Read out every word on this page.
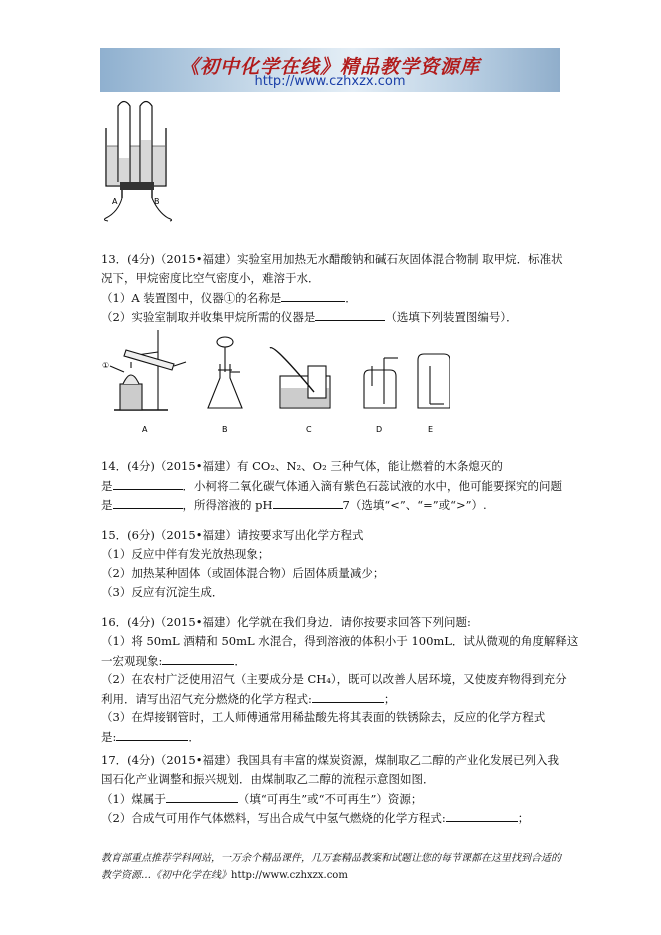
《初中化学在线》精品教学资源库
http://www.czhxzx.com
A	B
13．(4分)（2015•福建）实验室用加热无水醋酸钠和碱石灰固体混合物制 取甲烷．标准状
况下，甲烷密度比空气密度小，难溶于水．
（1）A 装置图中，仪器①的名称是	．
（2）实验室制取并收集甲烷所需的仪器是	（选填下列装置图编号）．
①
A	B	C	D	E
14．(4分)（2015•福建）有 CO₂、N₂、O₂ 三种气体，能让燃着的木条熄灭的
是	．小柯将二氧化碳气体通入滴有紫色石蕊试液的水中，他可能要探究的问题
是	，所得溶液的 pH	7（选填“<”、“=”或“>”）.
15．(6分)（2015•福建）请按要求写出化学方程式
（1）反应中伴有发光放热现象；
（2）加热某种固体（或固体混合物）后固体质量减少；
（3）反应有沉淀生成．
16．(4分)（2015•福建）化学就在我们身边．请你按要求回答下列问题:
（1）将 50mL 酒精和 50mL 水混合，得到溶液的体积小于 100mL．试从微观的角度解释这
一宏观现象:	．
（2）在农村广泛使用沼气（主要成分是 CH₄），既可以改善人居环境，又使废弃物得到充分
利用．请写出沼气充分燃烧的化学方程式:	；
（3）在焊接钢管时，工人师傅通常用稀盐酸先将其表面的铁锈除去，反应的化学方程式
是:	．
17．(4分)（2015•福建）我国具有丰富的煤炭资源，煤制取乙二醇的产业化发展已列入我
国石化产业调整和振兴规划．由煤制取乙二醇的流程示意图如图．
（1）煤属于	（填“可再生”或“不可再生”）资源；
（2）合成气可用作气体燃料，写出合成气中氢气燃烧的化学方程式:	；
教育部重点推荐学科网站，一万余个精品课件，几万套精品教案和试题让您的每节课都在这里找到合适的
教学资源…《初中化学在线》http://www.czhxzx.com
